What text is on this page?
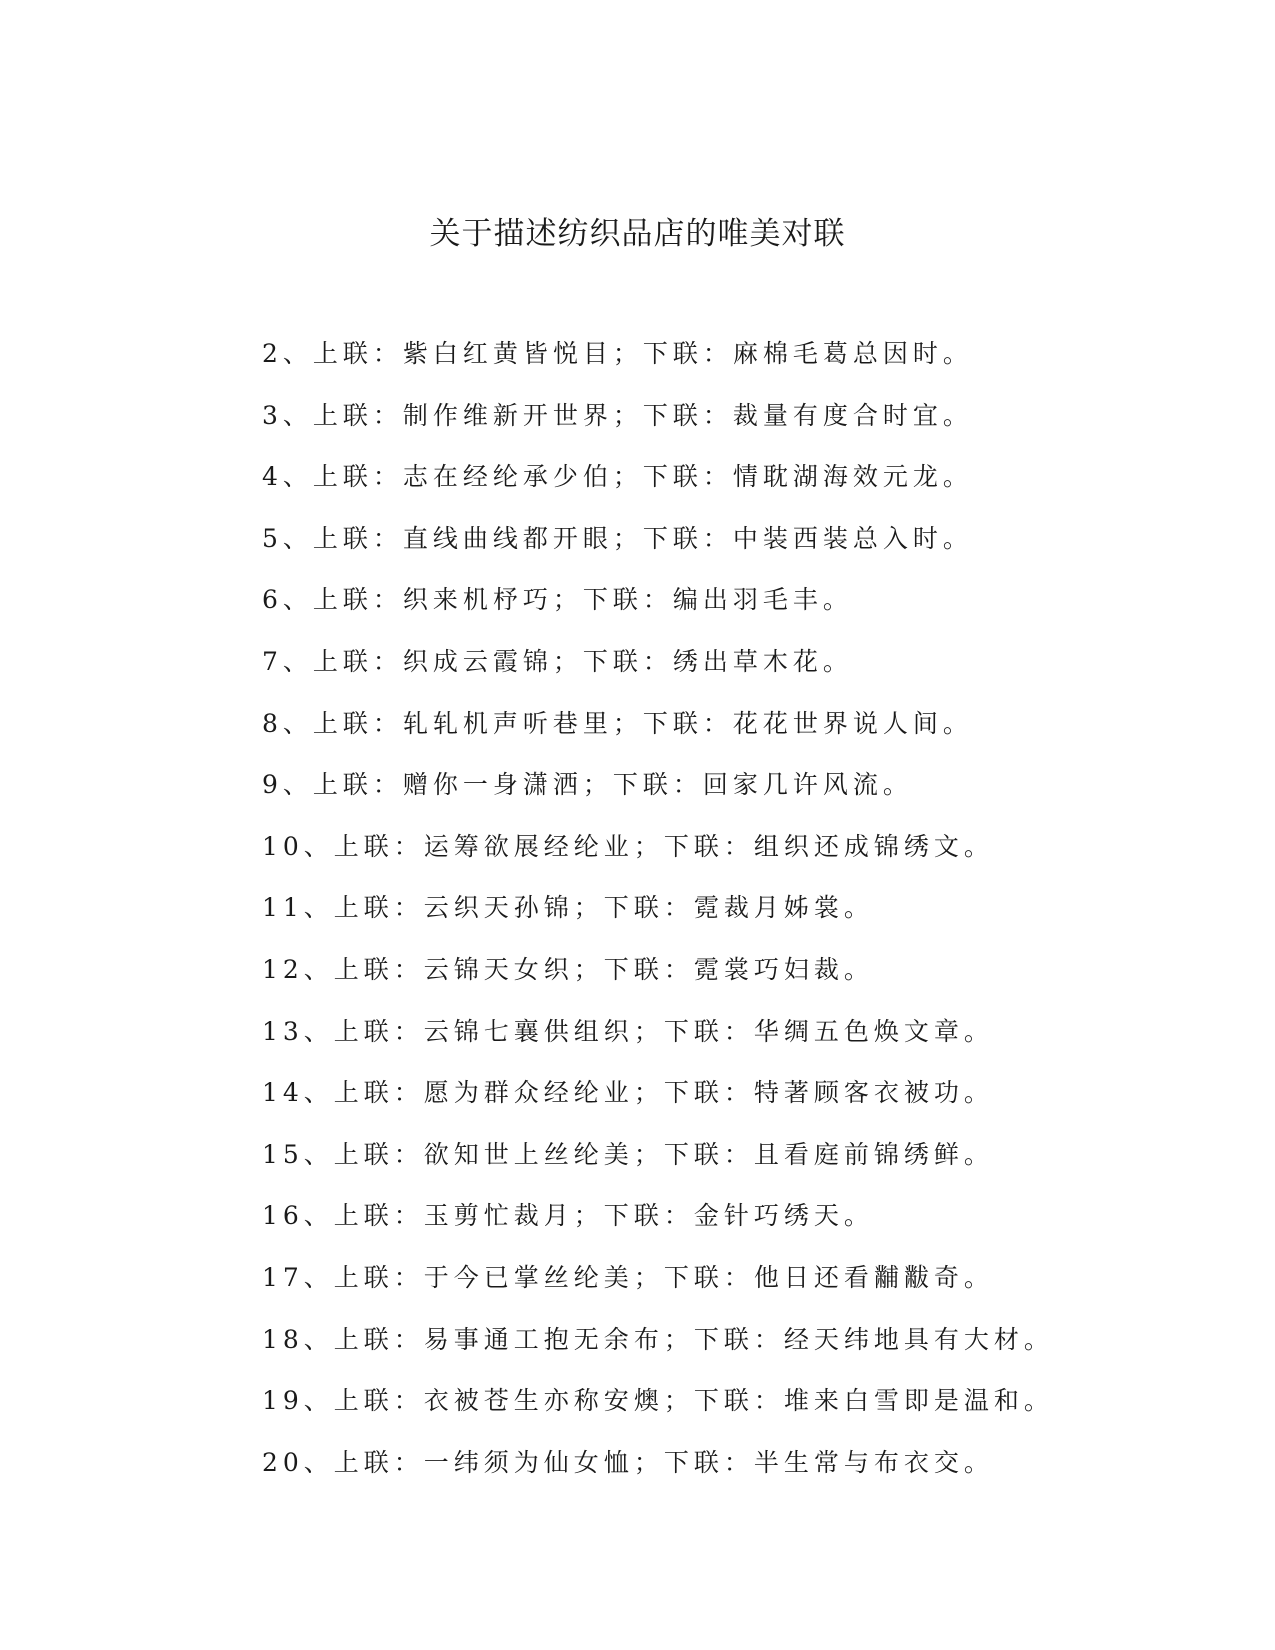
关于描述纺织品店的唯美对联
2、上联：紫白红黄皆悦目；下联：麻棉毛葛总因时。
3、上联：制作维新开世界；下联：裁量有度合时宜。
4、上联：志在经纶承少伯；下联：情耽湖海效元龙。
5、上联：直线曲线都开眼；下联：中装西装总入时。
6、上联：织来机杼巧；下联：编出羽毛丰。
7、上联：织成云霞锦；下联：绣出草木花。
8、上联：轧轧机声听巷里；下联：花花世界说人间。
9、上联：赠你一身潇洒；下联：回家几许风流。
10、上联：运筹欲展经纶业；下联：组织还成锦绣文。
11、上联：云织天孙锦；下联：霓裁月姊裳。
12、上联：云锦天女织；下联：霓裳巧妇裁。
13、上联：云锦七襄供组织；下联：华绸五色焕文章。
14、上联：愿为群众经纶业；下联：特著顾客衣被功。
15、上联：欲知世上丝纶美；下联：且看庭前锦绣鲜。
16、上联：玉剪忙裁月；下联：金针巧绣天。
17、上联：于今已掌丝纶美；下联：他日还看黼黻奇。
18、上联：易事通工抱无余布；下联：经天纬地具有大材。
19、上联：衣被苍生亦称安燠；下联：堆来白雪即是温和。
20、上联：一纬须为仙女恤；下联：半生常与布衣交。
